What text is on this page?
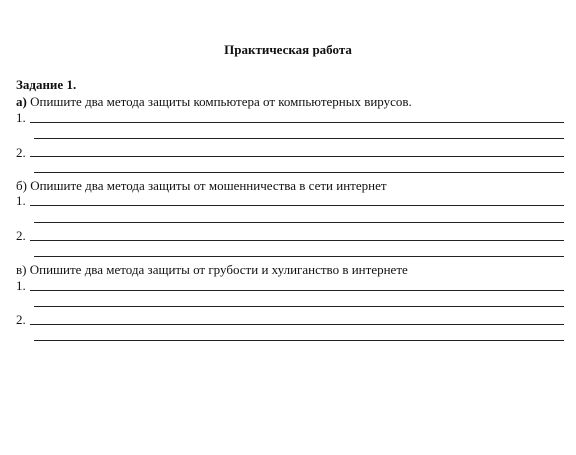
Практическая работа
Задание 1.
а) Опишите два метода защиты компьютера от компьютерных вирусов.
1.
2.
б) Опишите два метода защиты от мошенничества в сети интернет
1.
2.
в) Опишите два метода защиты от грубости и хулиганство в интернете
1.
2.
